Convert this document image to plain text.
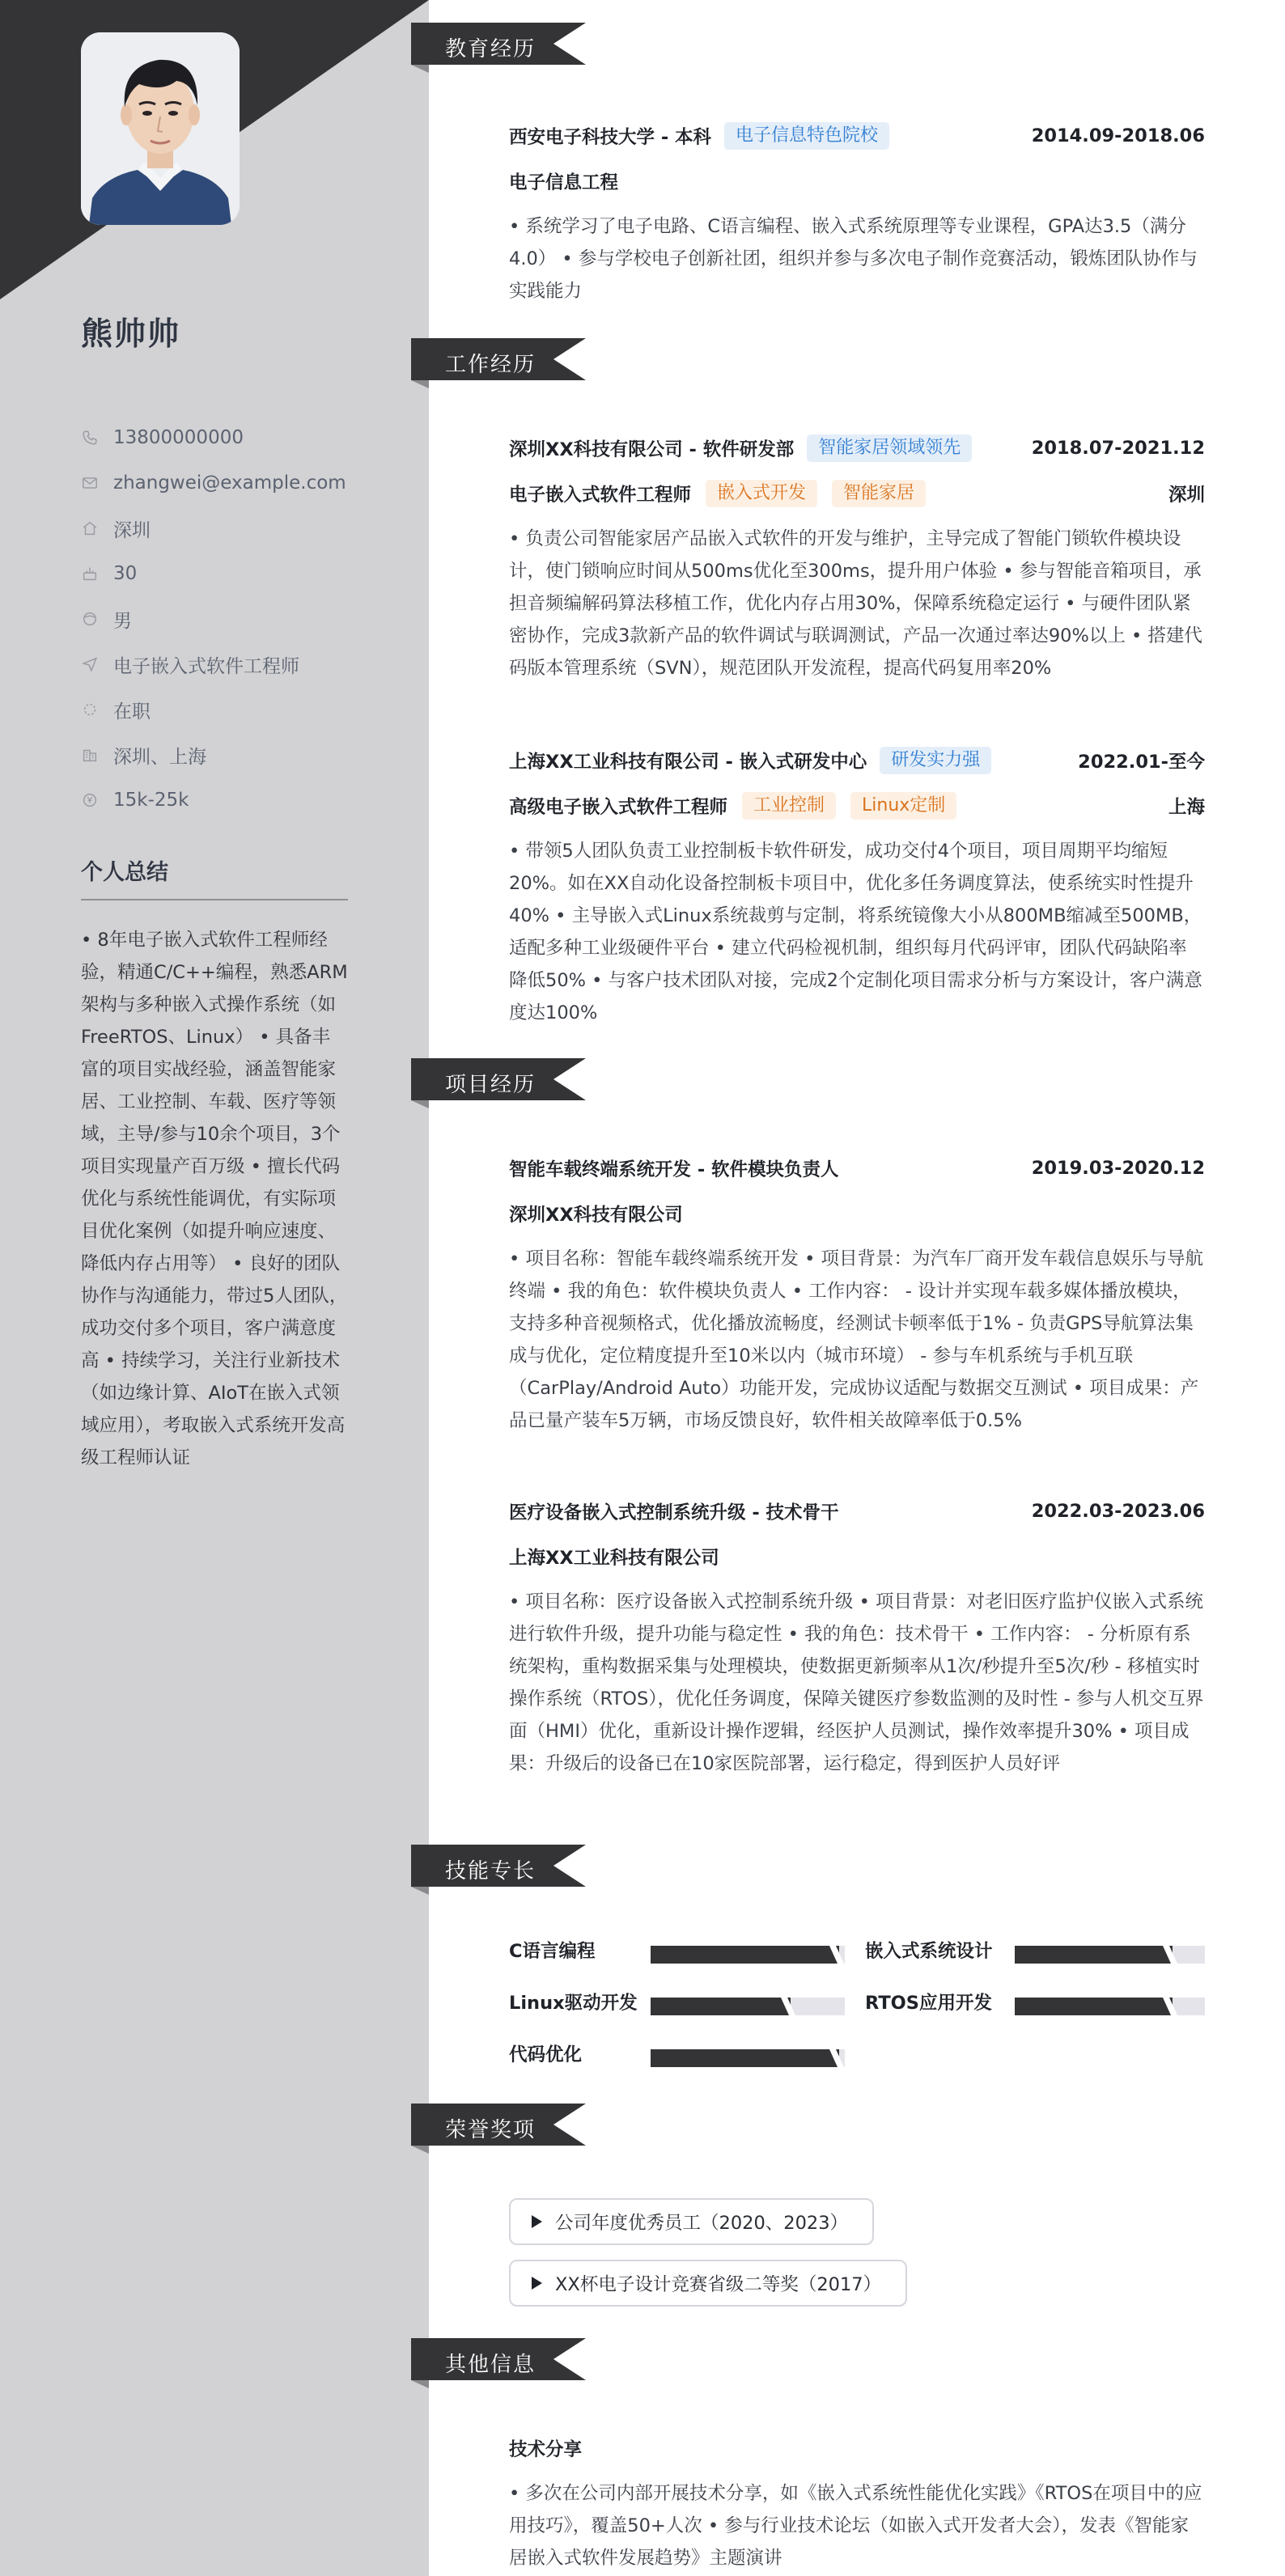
熊帅帅
13800000000
zhangwei@example.com
深圳
30
男
电子嵌入式软件工程师
在职
深圳、上海
15k-25k
个人总结
• 8年电子嵌入式软件工程师经验，精通C/C++编程，熟悉ARM架构与多种嵌入式操作系统（如FreeRTOS、Linux） • 具备丰富的项目实战经验，涵盖智能家居、工业控制、车载、医疗等领域，主导/参与10余个项目，3个项目实现量产百万级 • 擅长代码优化与系统性能调优，有实际项目优化案例（如提升响应速度、降低内存占用等） • 良好的团队协作与沟通能力，带过5人团队，成功交付多个项目，客户满意度高 • 持续学习，关注行业新技术（如边缘计算、AIoT在嵌入式领域应用），考取嵌入式系统开发高级工程师认证
教育经历
西安电子科技大学 - 本科	电子信息特色院校	2014.09-2018.06
电子信息工程
• 系统学习了电子电路、C语言编程、嵌入式系统原理等专业课程，GPA达3.5（满分4.0） • 参与学校电子创新社团，组织并参与多次电子制作竞赛活动，锻炼团队协作与实践能力
工作经历
深圳XX科技有限公司 - 软件研发部	智能家居领域领先	2018.07-2021.12
电子嵌入式软件工程师	嵌入式开发	智能家居	深圳
• 负责公司智能家居产品嵌入式软件的开发与维护，主导完成了智能门锁软件模块设计，使门锁响应时间从500ms优化至300ms，提升用户体验 • 参与智能音箱项目，承担音频编解码算法移植工作，优化内存占用30%，保障系统稳定运行 • 与硬件团队紧密协作，完成3款新产品的软件调试与联调测试，产品一次通过率达90%以上 • 搭建代码版本管理系统（SVN），规范团队开发流程，提高代码复用率20%
上海XX工业科技有限公司 - 嵌入式研发中心	研发实力强	2022.01-至今
高级电子嵌入式软件工程师	工业控制	Linux定制	上海
• 带领5人团队负责工业控制板卡软件研发，成功交付4个项目，项目周期平均缩短20%。如在XX自动化设备控制板卡项目中，优化多任务调度算法，使系统实时性提升40% • 主导嵌入式Linux系统裁剪与定制，将系统镜像大小从800MB缩减至500MB，适配多种工业级硬件平台 • 建立代码检视机制，组织每月代码评审，团队代码缺陷率降低50% • 与客户技术团队对接，完成2个定制化项目需求分析与方案设计，客户满意度达100%
项目经历
智能车载终端系统开发 - 软件模块负责人	2019.03-2020.12
深圳XX科技有限公司
• 项目名称：智能车载终端系统开发 • 项目背景：为汽车厂商开发车载信息娱乐与导航终端 • 我的角色：软件模块负责人 • 工作内容： - 设计并实现车载多媒体播放模块，支持多种音视频格式，优化播放流畅度，经测试卡顿率低于1% - 负责GPS导航算法集成与优化，定位精度提升至10米以内（城市环境） - 参与车机系统与手机互联（CarPlay/Android Auto）功能开发，完成协议适配与数据交互测试 • 项目成果：产品已量产装车5万辆，市场反馈良好，软件相关故障率低于0.5%
医疗设备嵌入式控制系统升级 - 技术骨干	2022.03-2023.06
上海XX工业科技有限公司
• 项目名称：医疗设备嵌入式控制系统升级 • 项目背景：对老旧医疗监护仪嵌入式系统进行软件升级，提升功能与稳定性 • 我的角色：技术骨干 • 工作内容： - 分析原有系统架构，重构数据采集与处理模块，使数据更新频率从1次/秒提升至5次/秒 - 移植实时操作系统（RTOS），优化任务调度，保障关键医疗参数监测的及时性 - 参与人机交互界面（HMI）优化，重新设计操作逻辑，经医护人员测试，操作效率提升30% • 项目成果：升级后的设备已在10家医院部署，运行稳定，得到医护人员好评
技能专长
C语言编程	嵌入式系统设计
Linux驱动开发	RTOS应用开发
代码优化
荣誉奖项
公司年度优秀员工（2020、2023）
XX杯电子设计竞赛省级二等奖（2017）
其他信息
技术分享
• 多次在公司内部开展技术分享，如《嵌入式系统性能优化实践》《RTOS在项目中的应用技巧》，覆盖50+人次 • 参与行业技术论坛（如嵌入式开发者大会），发表《智能家居嵌入式软件发展趋势》主题演讲
